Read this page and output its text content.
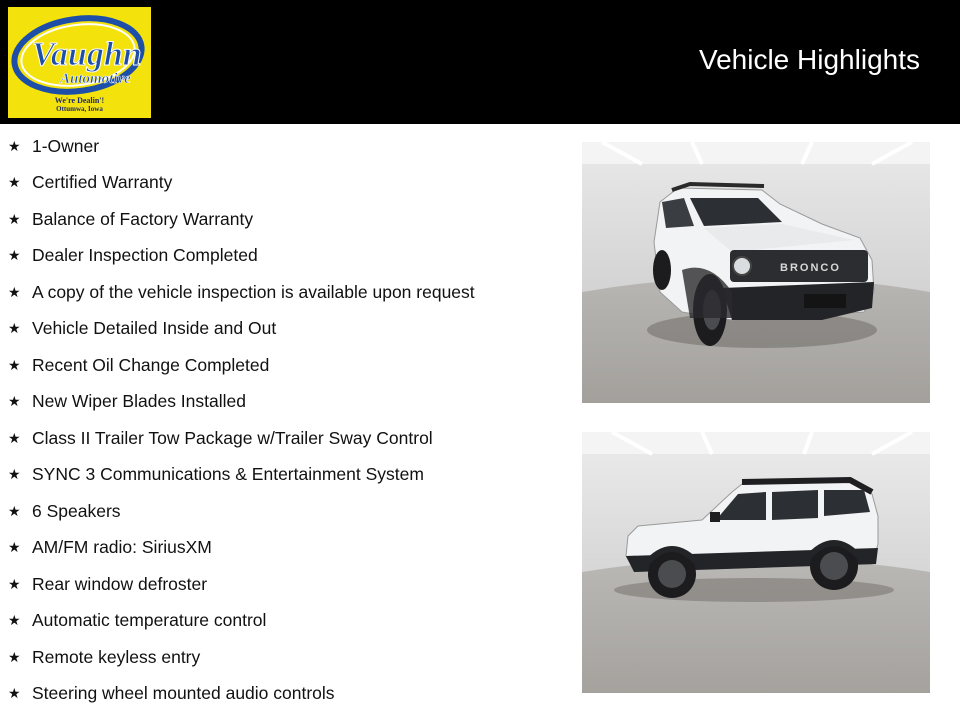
Vaughn
Automotive
We're Dealin'!
Ottumwa, Iowa
Vehicle Highlights
★ 1-Owner
★ Certified Warranty
★ Balance of Factory Warranty
★ Dealer Inspection Completed
★ A copy of the vehicle inspection is available upon request
★ Vehicle Detailed Inside and Out
★ Recent Oil Change Completed
★ New Wiper Blades Installed
★ Class II Trailer Tow Package w/Trailer Sway Control
★ SYNC 3 Communications & Entertainment System
★ 6 Speakers
★ AM/FM radio: SiriusXM
★ Rear window defroster
★ Automatic temperature control
★ Remote keyless entry
★ Steering wheel mounted audio controls
BRONCO
